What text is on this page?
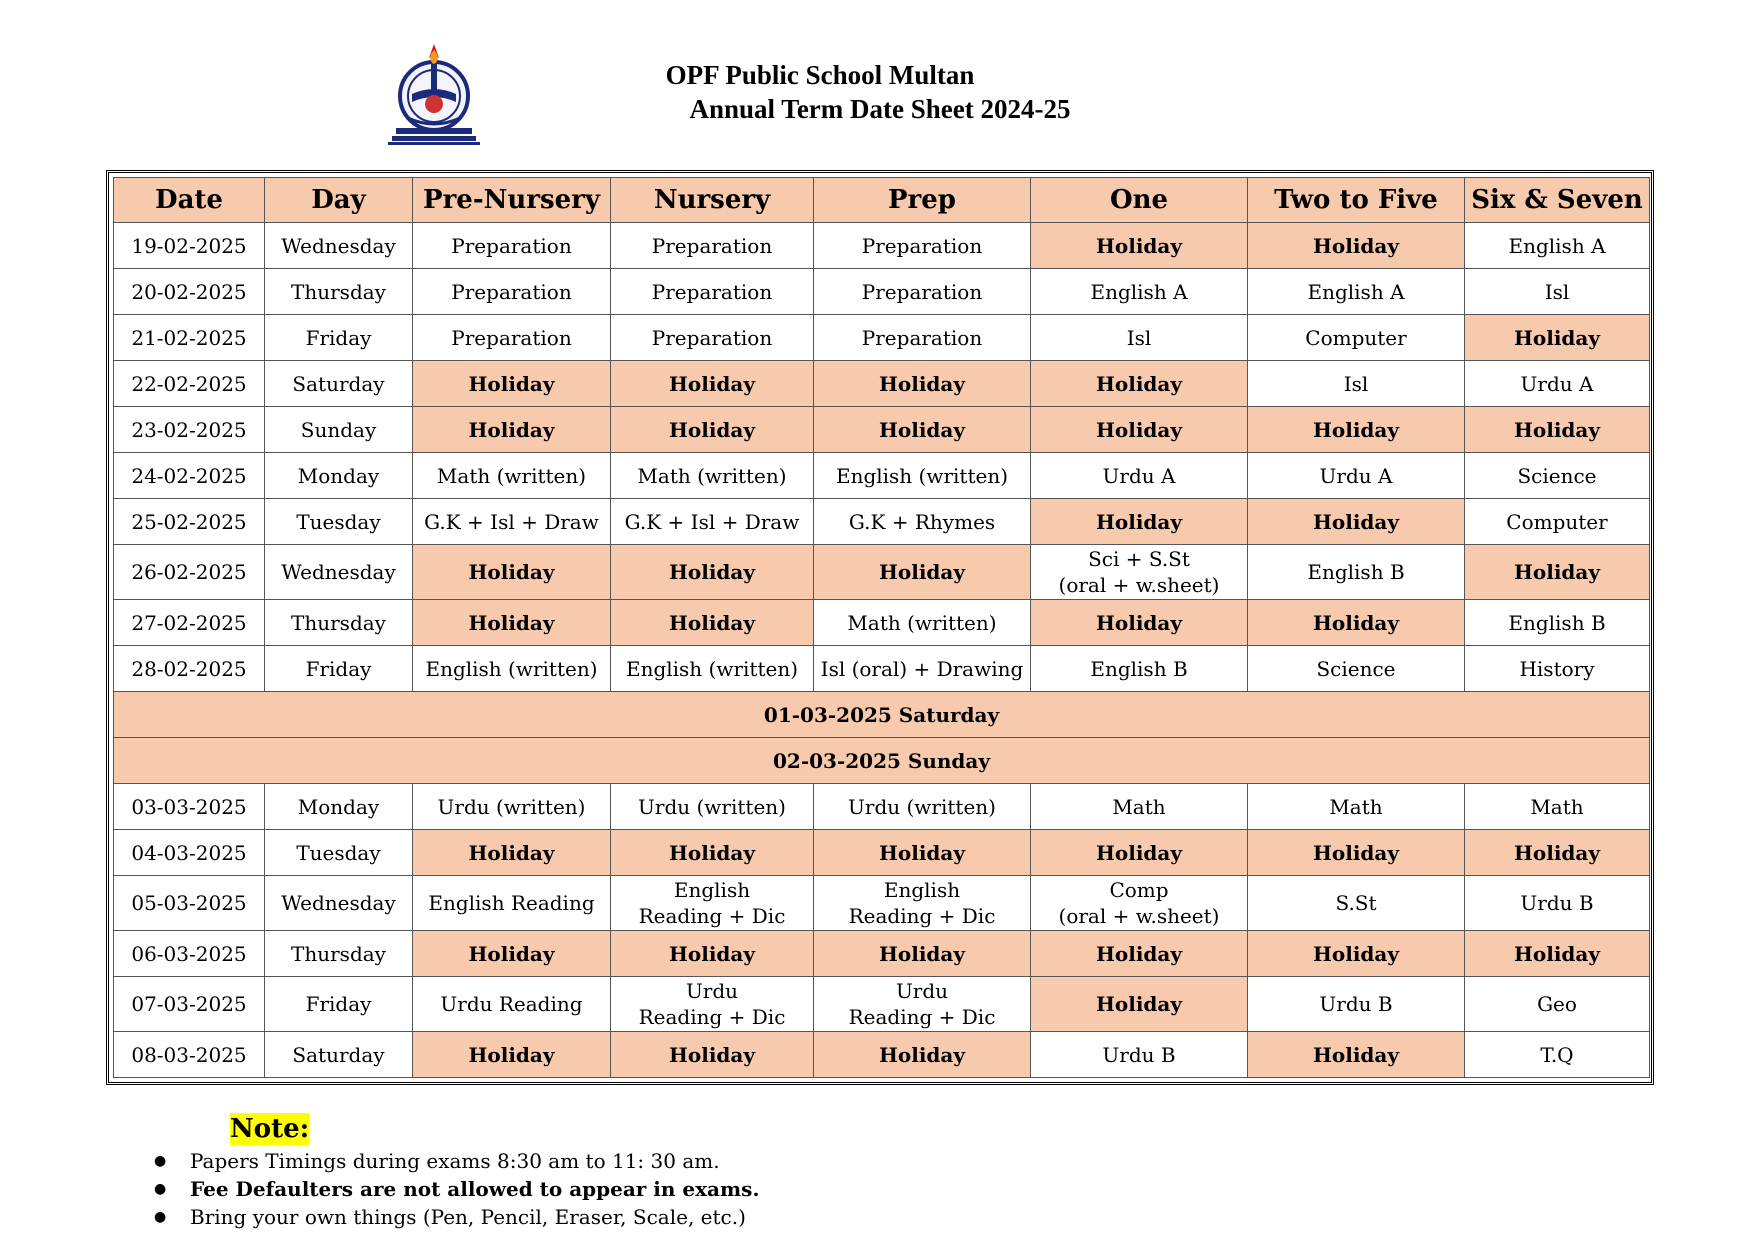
OPF Public School Multan
Annual Term Date Sheet 2024-25
Date	Day	Pre-Nursery	Nursery	Prep	One	Two to Five	Six & Seven
19-02-2025	Wednesday	Preparation	Preparation	Preparation	Holiday	Holiday	English A
20-02-2025	Thursday	Preparation	Preparation	Preparation	English A	English A	Isl
21-02-2025	Friday	Preparation	Preparation	Preparation	Isl	Computer	Holiday
22-02-2025	Saturday	Holiday	Holiday	Holiday	Holiday	Isl	Urdu A
23-02-2025	Sunday	Holiday	Holiday	Holiday	Holiday	Holiday	Holiday
24-02-2025	Monday	Math (written)	Math (written)	English (written)	Urdu A	Urdu A	Science
25-02-2025	Tuesday	G.K + Isl + Draw	G.K + Isl + Draw	G.K + Rhymes	Holiday	Holiday	Computer
26-02-2025	Wednesday	Holiday	Holiday	Holiday	Sci + S.St
(oral + w.sheet)	English B	Holiday
27-02-2025	Thursday	Holiday	Holiday	Math (written)	Holiday	Holiday	English B
28-02-2025	Friday	English (written)	English (written)	Isl (oral) + Drawing	English B	Science	History
01-03-2025 Saturday							
02-03-2025 Sunday							
03-03-2025	Monday	Urdu (written)	Urdu (written)	Urdu (written)	Math	Math	Math
04-03-2025	Tuesday	Holiday	Holiday	Holiday	Holiday	Holiday	Holiday
05-03-2025	Wednesday	English Reading	English
Reading + Dic	English
Reading + Dic	Comp
(oral + w.sheet)	S.St	Urdu B
06-03-2025	Thursday	Holiday	Holiday	Holiday	Holiday	Holiday	Holiday
07-03-2025	Friday	Urdu Reading	Urdu
Reading + Dic	Urdu
Reading + Dic	Holiday	Urdu B	Geo
08-03-2025	Saturday	Holiday	Holiday	Holiday	Urdu B	Holiday	T.Q
Note:
● Papers Timings during exams 8:30 am to 11: 30 am.
● Fee Defaulters are not allowed to appear in exams.
● Bring your own things (Pen, Pencil, Eraser, Scale, etc.)
